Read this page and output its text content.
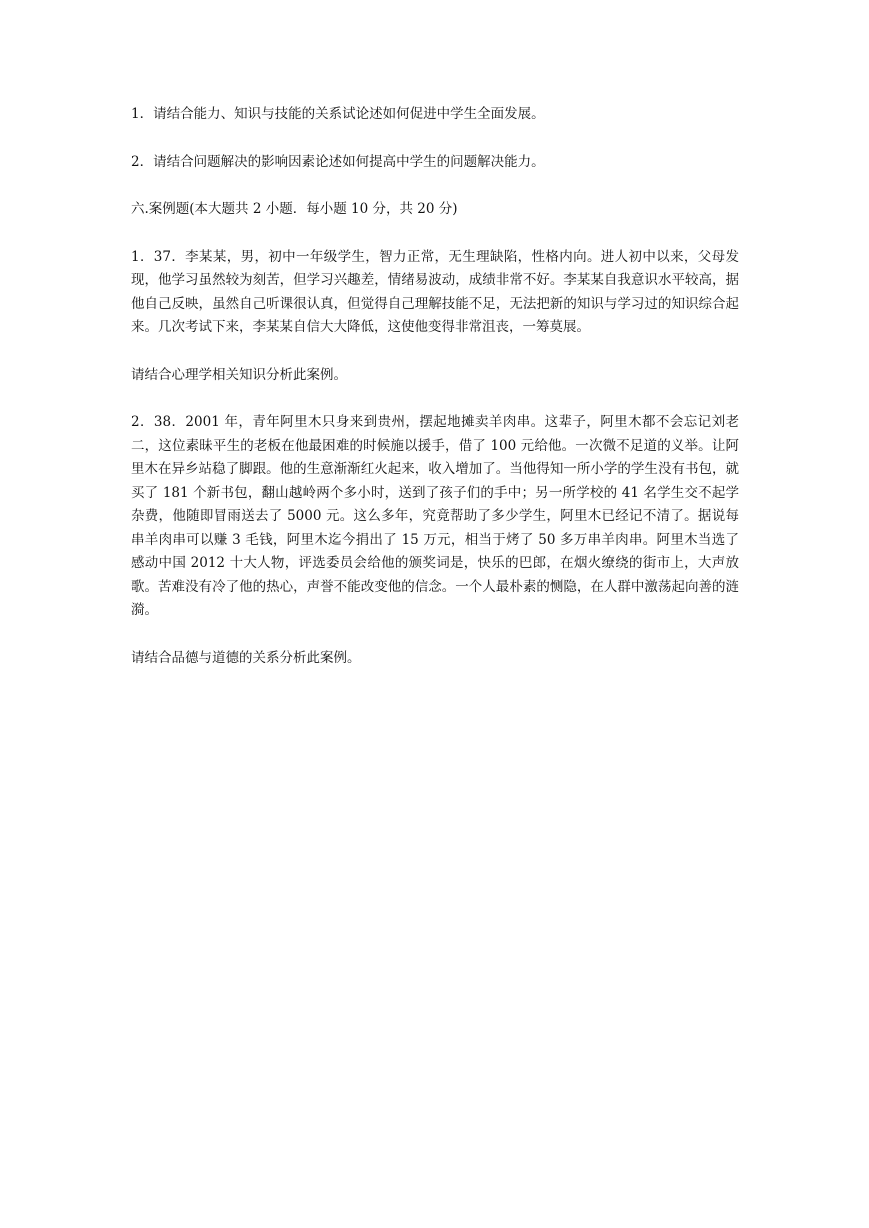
1．请结合能力、知识与技能的关系试论述如何促进中学生全面发展。

2．请结合问题解决的影响因素论述如何提高中学生的问题解决能力。

六.案例题(本大题共 2 小题．每小题 10 分，共 20 分)

1．37．李某某，男，初中一年级学生，智力正常，无生理缺陷，性格内向。进人初中以来，父母发现，他学习虽然较为刻苦，但学习兴趣差，情绪易波动，成绩非常不好。李某某自我意识水平较高，据他自己反映，虽然自己听课很认真，但觉得自己理解技能不足，无法把新的知识与学习过的知识综合起来。几次考试下来，李某某自信大大降低，这使他变得非常沮丧，一筹莫展。

请结合心理学相关知识分析此案例。

2．38．2001 年，青年阿里木只身来到贵州，摆起地摊卖羊肉串。这辈子，阿里木都不会忘记刘老二，这位素昧平生的老板在他最困难的时候施以援手，借了 100 元给他。一次微不足道的义举。让阿里木在异乡站稳了脚跟。他的生意渐渐红火起来，收入增加了。当他得知一所小学的学生没有书包，就买了 181 个新书包，翻山越岭两个多小时，送到了孩子们的手中；另一所学校的 41 名学生交不起学杂费，他随即冒雨送去了 5000 元。这么多年，究竟帮助了多少学生，阿里木已经记不清了。据说每串羊肉串可以赚 3 毛钱，阿里木迄今捐出了 15 万元，相当于烤了 50 多万串羊肉串。阿里木当选了感动中国 2012 十大人物，评选委员会给他的颁奖词是，快乐的巴郎，在烟火缭绕的街市上，大声放歌。苦难没有冷了他的热心，声誉不能改变他的信念。一个人最朴素的恻隐，在人群中激荡起向善的涟漪。

请结合品德与道德的关系分析此案例。
